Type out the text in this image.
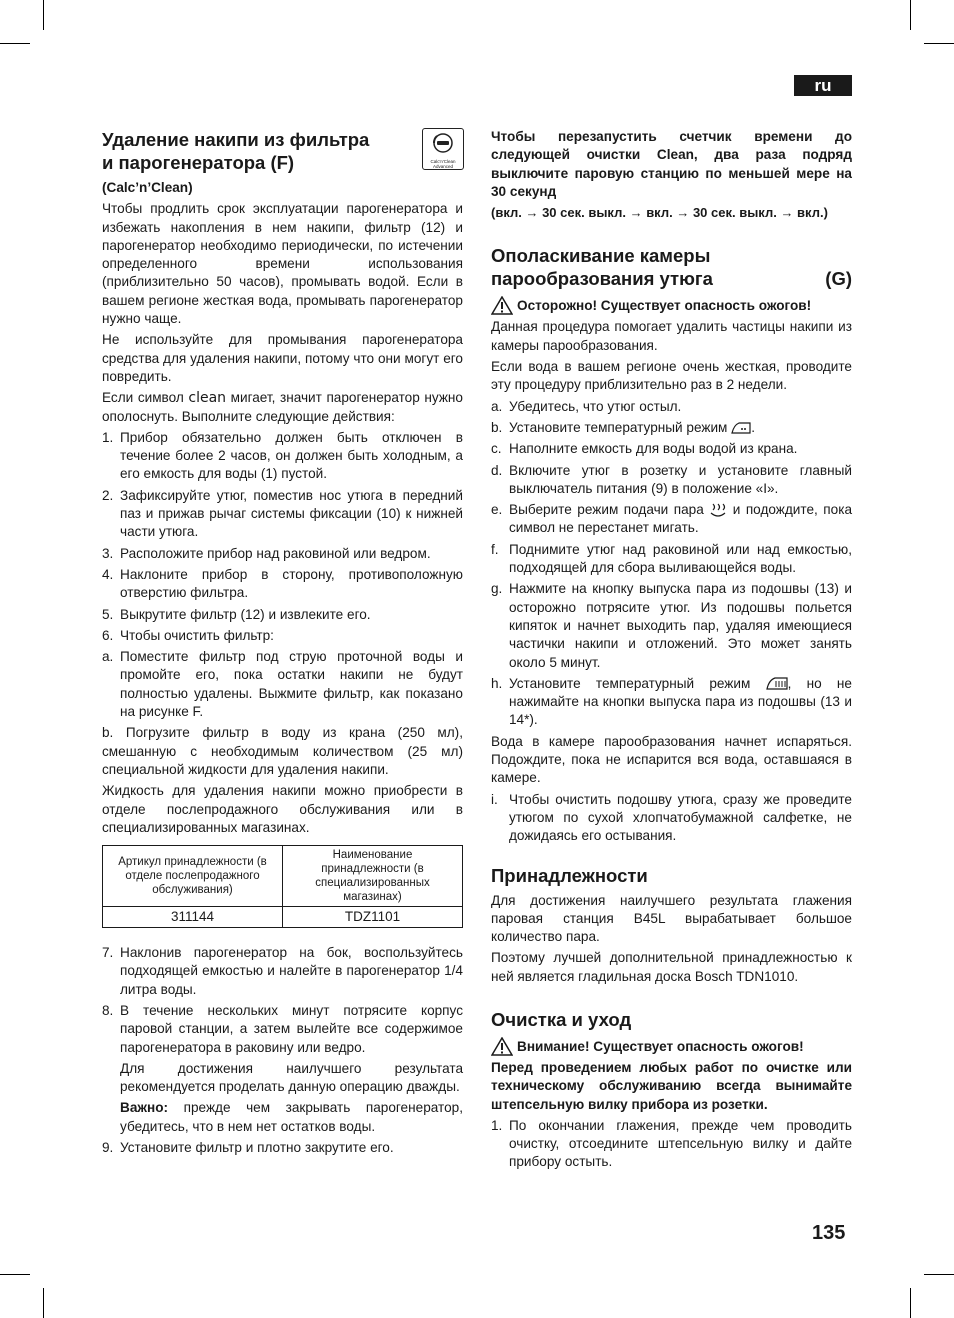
ru
Удаление накипи из фильтра
и парогенератора (F)	Calc'n'Clean Advanced

(Calc’n’Clean)

Чтобы продлить срок эксплуатации парогенератора и избежать накопления в нем накипи, фильтр (12) и парогенератор необходимо периодически, по истечении определенного времени использования (приблизительно 50 часов), промывать водой. Если в вашем регионе жесткая вода, промывать парогенератор нужно чаще.

Не используйте для промывания парогенератора средства для удаления накипи, потому что они могут его повредить.

Если символ clean мигает, значит парогенератор нужно ополоснуть. Выполните следующие действия:

1. Прибор обязательно должен быть отключен в течение более 2 часов, он должен быть холодным, а его емкость для воды (1) пустой.
2. Зафиксируйте утюг, поместив нос утюга в передний паз и прижав рычаг системы фиксации (10) к нижней части утюга.
3. Расположите прибор над раковиной или ведром.
4. Наклоните прибор в сторону, противоположную отверстию фильтра.
5. Выкрутите фильтр (12) и извлеките его.
6. Чтобы очистить фильтр:
a. Поместите фильтр под струю проточной воды и промойте его, пока остатки накипи не будут полностью удалены. Выжмите фильтр, как показано на рисунке F.

b. Погрузите фильтр в воду из крана (250 мл), смешанную с необходимым количеством (25 мл) специальной жидкости для удаления накипи.

Жидкость для удаления накипи можно приобрести в отделе послепродажного обслуживания или в специализированных магазинах.

Артикул принадлежности (в отделе послепродажного обслуживания)	Наименование принадлежности (в специализированных магазинах)
311144	TDZ1101
7. Наклонив парогенератор на бок, воспользуйтесь подходящей емкостью и налейте в парогенератор 1/4 литра воды.
8. В течение нескольких минут потрясите корпус паровой станции, а затем вылейте все содержимое парогенератора в раковину или ведро.

Для достижения наилучшего результата рекомендуется проделать данную операцию дважды.

Важно: прежде чем закрывать парогенератор, убедитесь, что в нем нет остатков воды.

9. Установите фильтр и плотно закрутите его.

Чтобы перезапустить счетчик времени до следующей очистки Clean, два раза подряд выключите паровую станцию по меньшей мере на 30 секунд

(вкл. → 30 сек. выкл. → вкл. → 30 сек. выкл. → вкл.)

Ополаскивание камеры
парообразования утюга	(G)
Осторожно! Существует опасность ожогов!

Данная процедура помогает удалить частицы накипи из камеры парообразования.

Если вода в вашем регионе очень жесткая, проводите эту процедуру приблизительно раз в 2 недели.

a. Убедитесь, что утюг остыл.
b. Установите температурный режим .
c. Наполните емкость для воды водой из крана.
d. Включите утюг в розетку и установите главный выключатель питания (9) в положение «I».
e. Выберите режим подачи пара и подождите, пока символ не перестанет мигать.
f. Поднимите утюг над раковиной или над емкостью, подходящей для сбора выливающейся воды.
g. Нажмите на кнопку выпуска пара из подошвы (13) и осторожно потрясите утюг. Из подошвы польется кипяток и начнет выходить пар, удаляя имеющиеся частички накипи и отложений. Это может занять около 5 минут.
h. Установите температурный режим	, но не нажимайте на кнопки выпуска пара из подошвы (13 и 14*).

Вода в камере парообразования начнет испаряться. Подождите, пока не испарится вся вода, оставшаяся в камере.

i. Чтобы очистить подошву утюга, сразу же проведите утюгом по сухой хлопчатобумажной салфетке, не дожидаясь его остывания.
Принадлежности

Для достижения наилучшего результата глажения паровая станция B45L вырабатывает большое количество пара.

Поэтому лучшей дополнительной принадлежностью к ней является гладильная доска Bosch TDN1010.

Очистка и уход
Внимание! Существует опасность ожогов!

Перед проведением любых работ по очистке или техническому обслуживанию всегда вынимайте штепсельную вилку прибора из розетки.

1. По окончании глажения, прежде чем проводить очистку, отсоедините штепсельную вилку и дайте прибору остыть.
135
